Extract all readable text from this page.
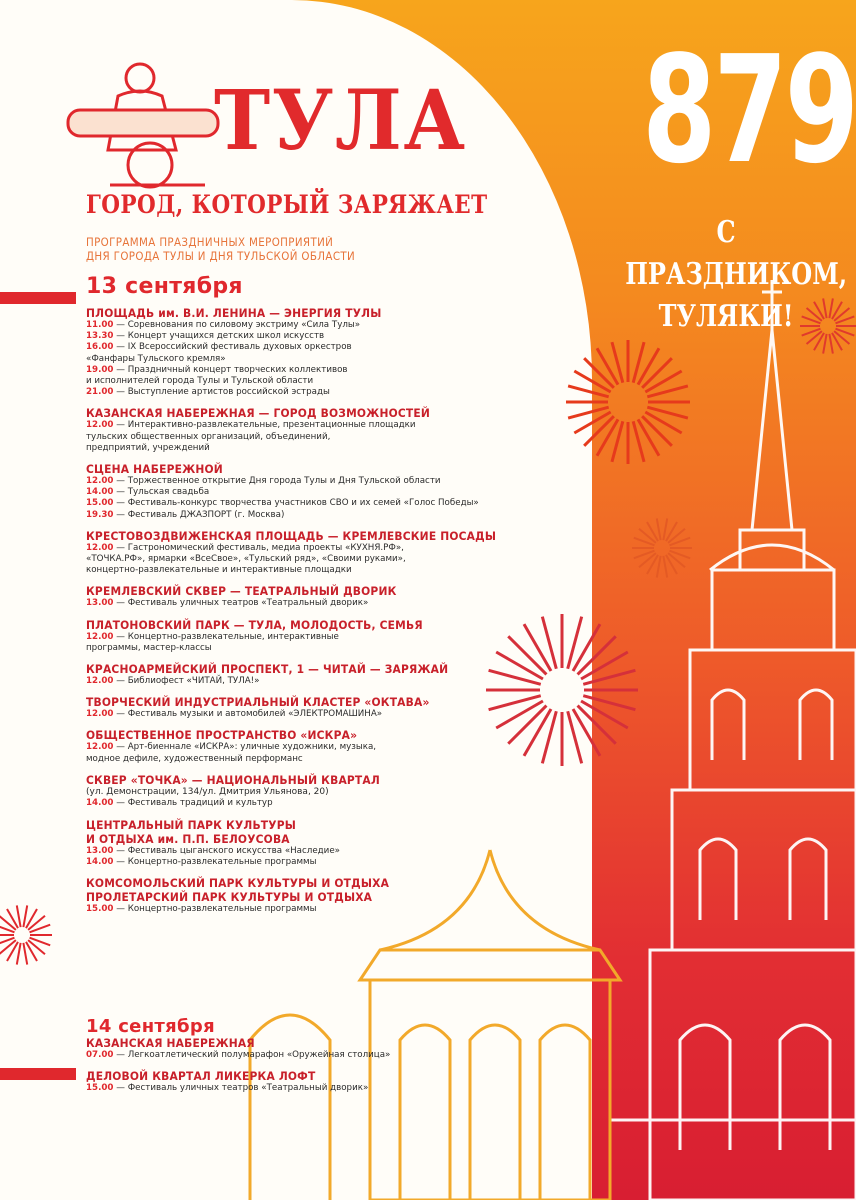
ТУЛА
ГОРОД, КОТОРЫЙ ЗАРЯЖАЕТ
ПРОГРАММА ПРАЗДНИЧНЫХ МЕРОПРИЯТИЙ
ДНЯ ГОРОДА ТУЛЫ И ДНЯ ТУЛЬСКОЙ ОБЛАСТИ
13 сентября
ПЛОЩАДЬ им. В.И. ЛЕНИНА — ЭНЕРГИЯ ТУЛЫ
11.00 — Соревнования по силовому экстриму «Сила Тулы»
13.30 — Концерт учащихся детских школ искусств
16.00 — IX Всероссийский фестиваль духовых оркестров
«Фанфары Тульского кремля»
19.00 — Праздничный концерт творческих коллективов
и исполнителей города Тулы и Тульской области
21.00 — Выступление артистов российской эстрады
КАЗАНСКАЯ НАБЕРЕЖНАЯ — ГОРОД ВОЗМОЖНОСТЕЙ
12.00 — Интерактивно-развлекательные, презентационные площадки
тульских общественных организаций, объединений,
предприятий, учреждений
СЦЕНА НАБЕРЕЖНОЙ
12.00 — Торжественное открытие Дня города Тулы и Дня Тульской области
14.00 — Тульская свадьба
15.00 — Фестиваль-конкурс творчества участников СВО и их семей «Голос Победы»
19.30 — Фестиваль ДЖАЗПОРТ (г. Москва)
КРЕСТОВОЗДВИЖЕНСКАЯ ПЛОЩАДЬ — КРЕМЛЕВСКИЕ ПОСАДЫ
12.00 — Гастрономический фестиваль, медиа проекты «КУХНЯ.РФ»,
«ТОЧКА.РФ», ярмарки «ВсеСвое», «Тульский ряд», «Своими руками»,
концертно-развлекательные и интерактивные площадки
КРЕМЛЕВСКИЙ СКВЕР — ТЕАТРАЛЬНЫЙ ДВОРИК
13.00 — Фестиваль уличных театров «Театральный дворик»
ПЛАТОНОВСКИЙ ПАРК — ТУЛА, МОЛОДОСТЬ, СЕМЬЯ
12.00 — Концертно-развлекательные, интерактивные
программы, мастер-классы
КРАСНОАРМЕЙСКИЙ ПРОСПЕКТ, 1 — ЧИТАЙ — ЗАРЯЖАЙ
12.00 — Библиофест «ЧИТАЙ, ТУЛА!»
ТВОРЧЕСКИЙ ИНДУСТРИАЛЬНЫЙ КЛАСТЕР «ОКТАВА»
12.00 — Фестиваль музыки и автомобилей «ЭЛЕКТРОМАШИНА»
ОБЩЕСТВЕННОЕ ПРОСТРАНСТВО «ИСКРА»
12.00 — Арт-биеннале «ИСКРА»: уличные художники, музыка,
модное дефиле, художественный перформанс
СКВЕР «ТОЧКА» — НАЦИОНАЛЬНЫЙ КВАРТАЛ
(ул. Демонстрации, 134/ул. Дмитрия Ульянова, 20)
14.00 — Фестиваль традиций и культур
ЦЕНТРАЛЬНЫЙ ПАРК КУЛЬТУРЫ
И ОТДЫХА им. П.П. БЕЛОУСОВА
13.00 — Фестиваль цыганского искусства «Наследие»
14.00 — Концертно-развлекательные программы
КОМСОМОЛЬСКИЙ ПАРК КУЛЬТУРЫ И ОТДЫХА
ПРОЛЕТАРСКИЙ ПАРК КУЛЬТУРЫ И ОТДЫХА
15.00 — Концертно-развлекательные программы
14 сентября
КАЗАНСКАЯ НАБЕРЕЖНАЯ
07.00 — Легкоатлетический полумарафон «Оружейная столица»
ДЕЛОВОЙ КВАРТАЛ ЛИКЕРКА ЛОФТ
15.00 — Фестиваль уличных театров «Театральный дворик»
879
С ПРАЗДНИКОМ,
ТУЛЯКИ!
